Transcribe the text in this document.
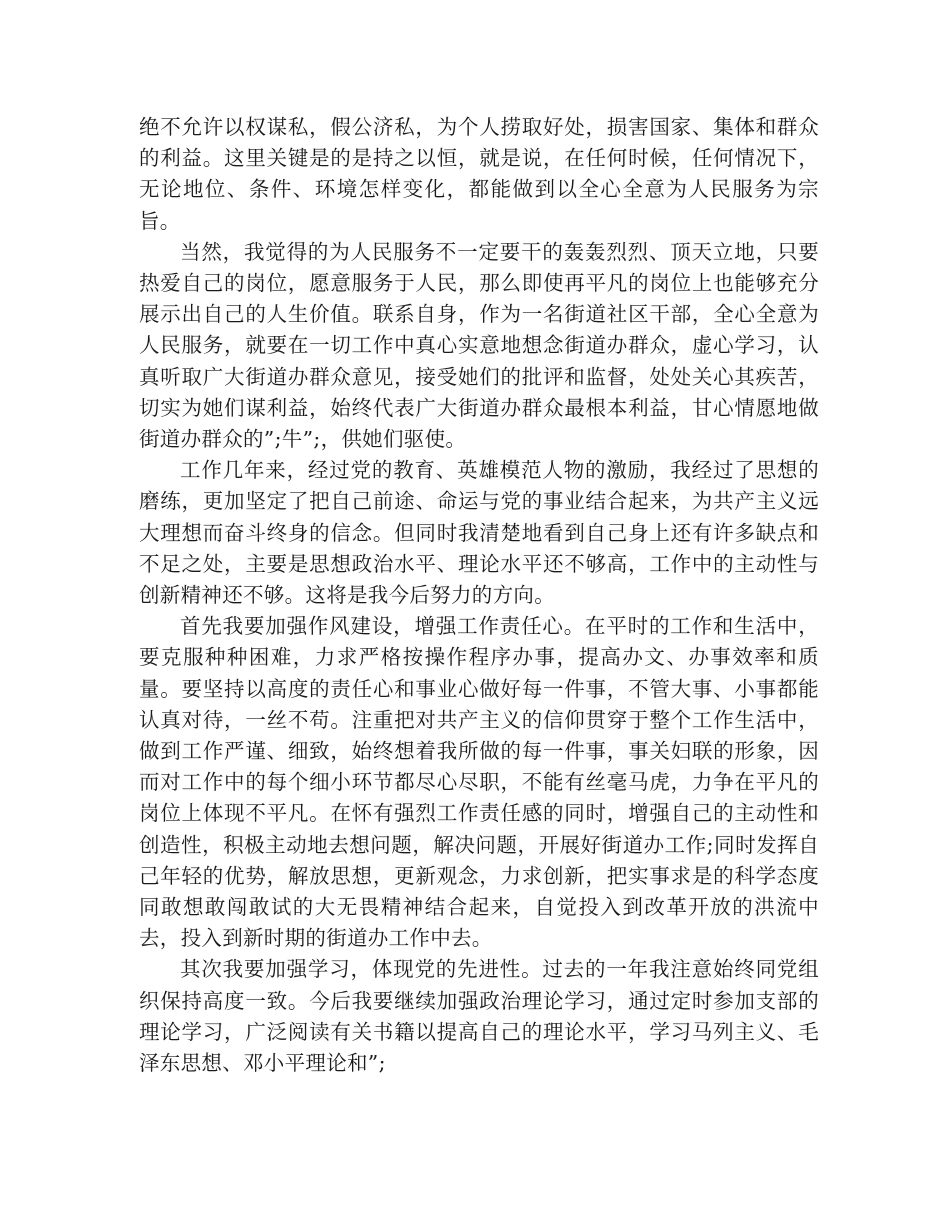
绝不允许以权谋私，假公济私，为个人捞取好处，损害国家、集体和群众的利益。这里关键是的是持之以恒，就是说，在任何时候，任何情况下，无论地位、条件、环境怎样变化，都能做到以全心全意为人民服务为宗旨。

当然，我觉得的为人民服务不一定要干的轰轰烈烈、顶天立地，只要热爱自己的岗位，愿意服务于人民，那么即使再平凡的岗位上也能够充分展示出自己的人生价值。联系自身，作为一名街道社区干部，全心全意为人民服务，就要在一切工作中真心实意地想念街道办群众，虚心学习，认真听取广大街道办群众意见，接受她们的批评和监督，处处关心其疾苦，切实为她们谋利益，始终代表广大街道办群众最根本利益，甘心情愿地做街道办群众的”;牛”;，供她们驱使。

工作几年来，经过党的教育、英雄模范人物的激励，我经过了思想的磨练，更加坚定了把自己前途、命运与党的事业结合起来，为共产主义远大理想而奋斗终身的信念。但同时我清楚地看到自己身上还有许多缺点和不足之处，主要是思想政治水平、理论水平还不够高，工作中的主动性与创新精神还不够。这将是我今后努力的方向。

首先我要加强作风建设，增强工作责任心。在平时的工作和生活中，要克服种种困难，力求严格按操作程序办事，提高办文、办事效率和质量。要坚持以高度的责任心和事业心做好每一件事，不管大事、小事都能认真对待，一丝不苟。注重把对共产主义的信仰贯穿于整个工作生活中，做到工作严谨、细致，始终想着我所做的每一件事，事关妇联的形象，因而对工作中的每个细小环节都尽心尽职，不能有丝毫马虎，力争在平凡的岗位上体现不平凡。在怀有强烈工作责任感的同时，增强自己的主动性和创造性，积极主动地去想问题，解决问题，开展好街道办工作;同时发挥自己年轻的优势，解放思想，更新观念，力求创新，把实事求是的科学态度同敢想敢闯敢试的大无畏精神结合起来，自觉投入到改革开放的洪流中去，投入到新时期的街道办工作中去。

其次我要加强学习，体现党的先进性。过去的一年我注意始终同党组织保持高度一致。今后我要继续加强政治理论学习，通过定时参加支部的理论学习，广泛阅读有关书籍以提高自己的理论水平，学习马列主义、毛泽东思想、邓小平理论和”;
